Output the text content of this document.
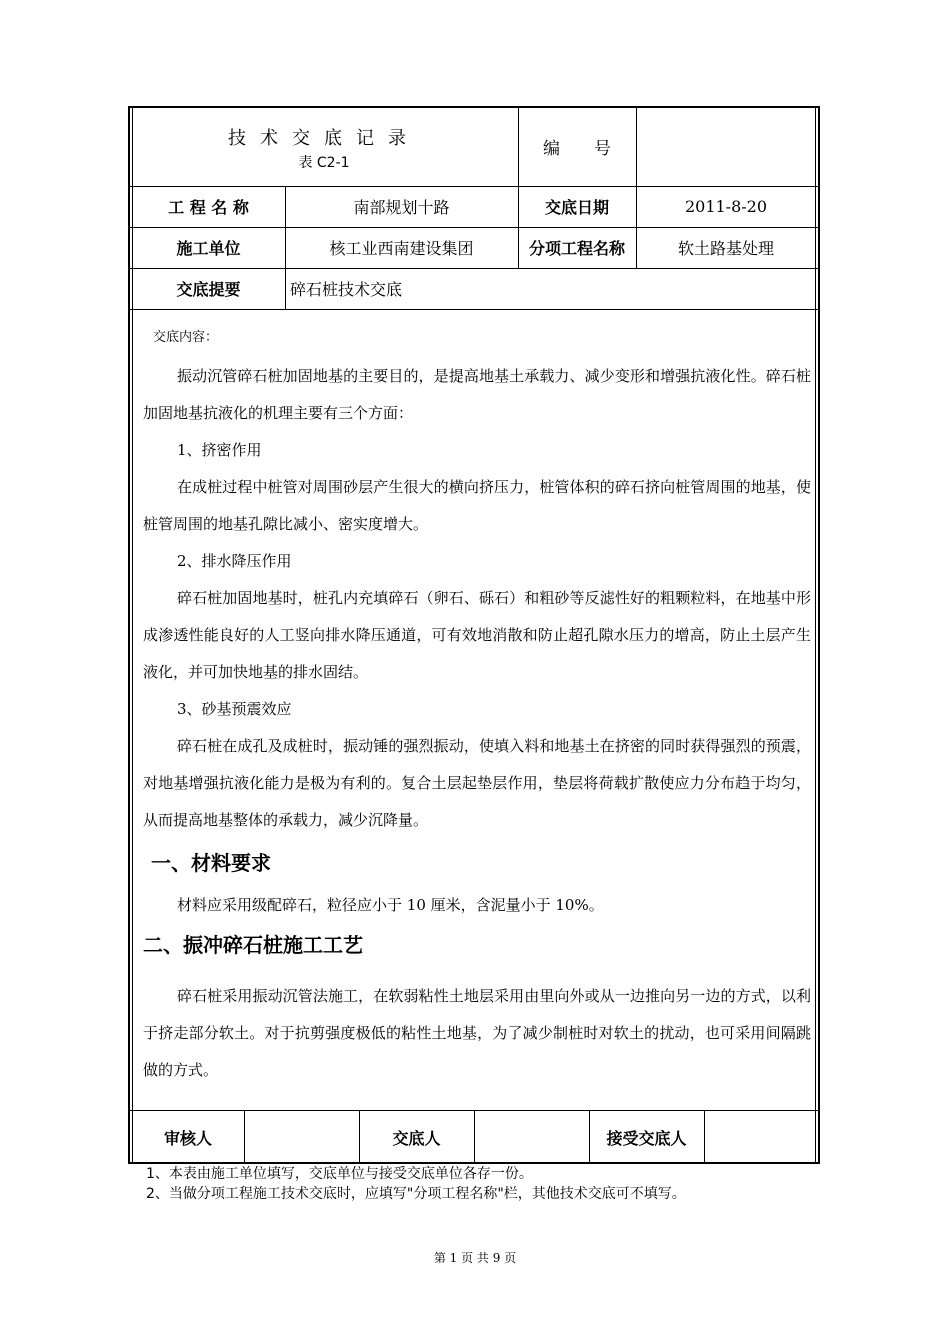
技术交底记录
表 C2-1
编　　号
工 程 名 称	南部规划十路	交底日期	2011-8-20
施工单位	核工业西南建设集团	分项工程名称	软土路基处理
交底提要	碎石桩技术交底

交底内容：

振动沉管碎石桩加固地基的主要目的，是提高地基土承载力、减少变形和增强抗液化性。碎石桩加固地基抗液化的机理主要有三个方面：

1、挤密作用

在成桩过程中桩管对周围砂层产生很大的横向挤压力，桩管体积的碎石挤向桩管周围的地基，使桩管周围的地基孔隙比减小、密实度增大。

2、排水降压作用

碎石桩加固地基时，桩孔内充填碎石（卵石、砾石）和粗砂等反滤性好的粗颗粒料，在地基中形成渗透性能良好的人工竖向排水降压通道，可有效地消散和防止超孔隙水压力的增高，防止土层产生液化，并可加快地基的排水固结。

3、砂基预震效应

碎石桩在成孔及成桩时，振动锤的强烈振动，使填入料和地基土在挤密的同时获得强烈的预震，对地基增强抗液化能力是极为有利的。复合土层起垫层作用，垫层将荷载扩散使应力分布趋于均匀，从而提高地基整体的承载力，减少沉降量。

一、材料要求

材料应采用级配碎石，粒径应小于 10 厘米，含泥量小于 10%。

二、振冲碎石桩施工工艺

碎石桩采用振动沉管法施工，在软弱粘性土地层采用由里向外或从一边推向另一边的方式，以利于挤走部分软土。对于抗剪强度极低的粘性土地基，为了减少制桩时对软土的扰动，也可采用间隔跳做的方式。

审核人	交底人	接受交底人

1、本表由施工单位填写，交底单位与接受交底单位各存一份。

2、当做分项工程施工技术交底时，应填写"分项工程名称"栏，其他技术交底可不填写。

第 1 页 共 9 页
